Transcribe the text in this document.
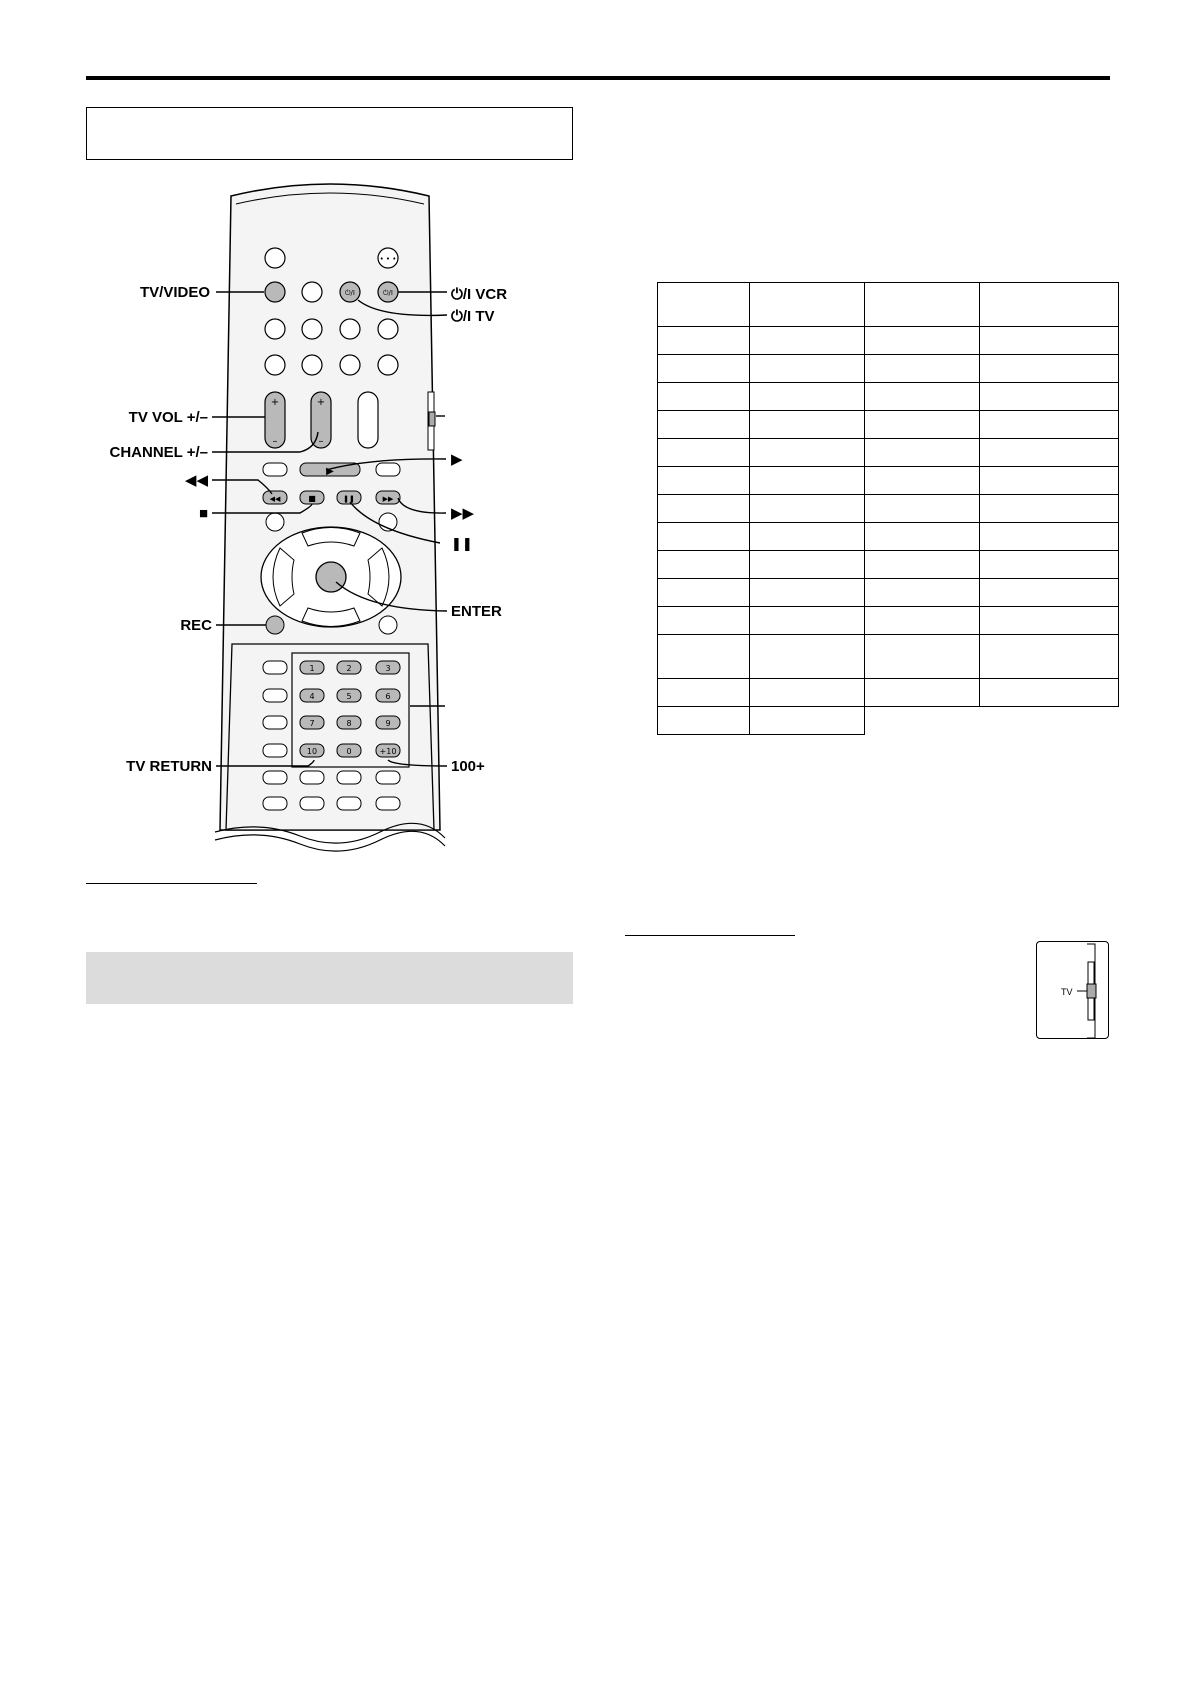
• • •
⏻/I	⏻/I
+
–
+
–
▶
◀◀	■	❚❚	▶▶
1	2	3
4	5	6
7	8	9
10	0	+10
TV/VIDEO	⏻/I VCR
⏻/I TV
TV VOL +/–
CHANNEL +/–
◀◀
■
▶
▶▶
❚❚
ENTER
REC
TV RETURN	100+

TV
